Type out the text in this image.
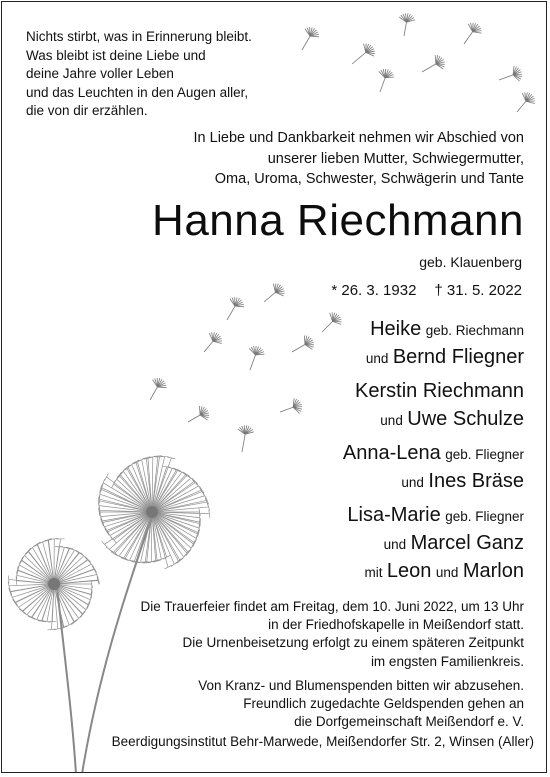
Nichts stirbt, was in Erinnerung bleibt.
Was bleibt ist deine Liebe und
deine Jahre voller Leben
und das Leuchten in den Augen aller,
die von dir erzählen.
In Liebe und Dankbarkeit nehmen wir Abschied von
unserer lieben Mutter, Schwiegermutter,
Oma, Uroma, Schwester, Schwägerin und Tante
Hanna Riechmann
geb. Klauenberg
* 26. 3. 1932 † 31. 5. 2022
Heike geb. Riechmann
und Bernd Fliegner
Kerstin Riechmann
und Uwe Schulze
Anna-Lena geb. Fliegner
und Ines Bräse
Lisa-Marie geb. Fliegner
und Marcel Ganz
mit Leon und Marlon
Die Trauerfeier findet am Freitag, dem 10. Juni 2022, um 13 Uhr
in der Friedhofskapelle in Meißendorf statt.
Die Urnenbeisetzung erfolgt zu einem späteren Zeitpunkt
im engsten Familienkreis.
Von Kranz- und Blumenspenden bitten wir abzusehen.
Freundlich zugedachte Geldspenden gehen an
die Dorfgemeinschaft Meißendorf e. V.
Beerdigungsinstitut Behr-Marwede, Meißendorfer Str. 2, Winsen (Aller)
